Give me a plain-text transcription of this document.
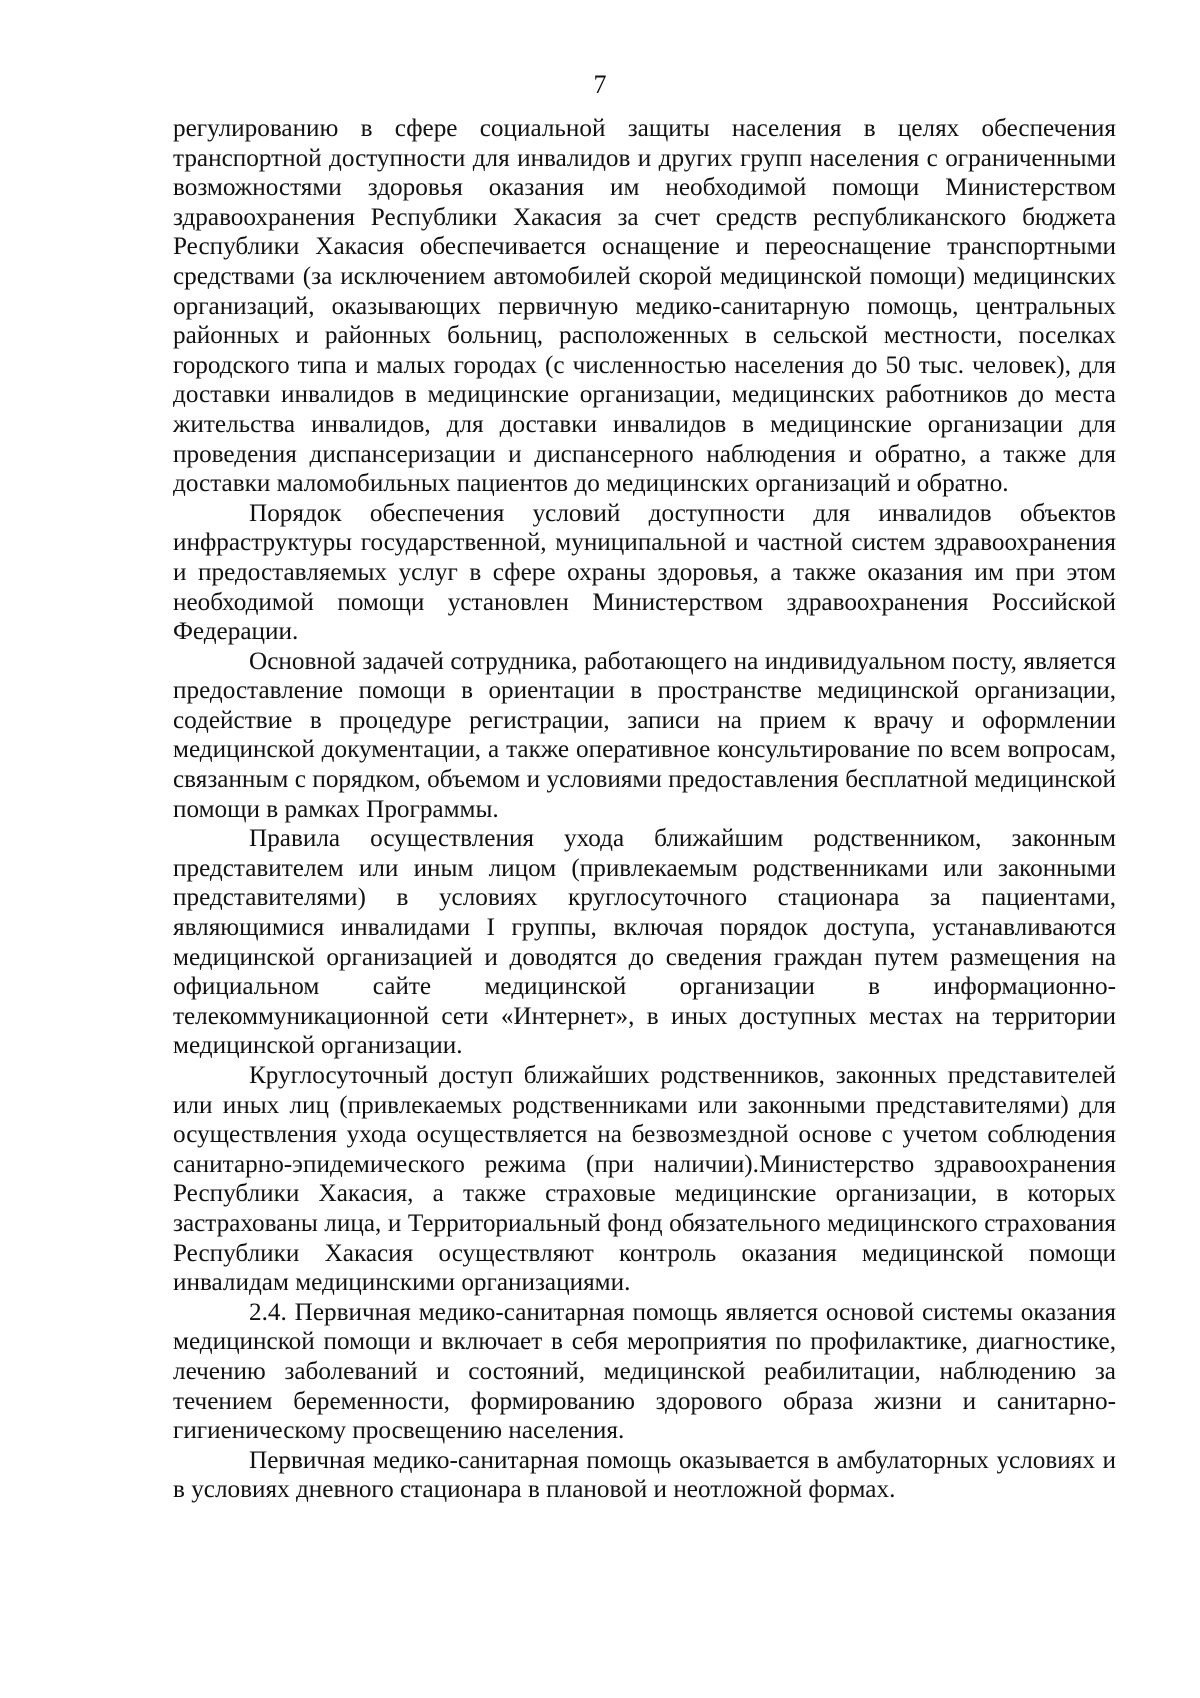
7

регулированию в сфере социальной защиты населения в целях обеспечения транспортной доступности для инвалидов и других групп населения с ограниченными возможностями здоровья оказания им необходимой помощи Министерством здравоохранения Республики Хакасия за счет средств республиканского бюджета Республики Хакасия обеспечивается оснащение и переоснащение транспортными средствами (за исключением автомобилей скорой медицинской помощи) медицинских организаций, оказывающих первичную медико-санитарную помощь, центральных районных и районных больниц, расположенных в сельской местности, поселках городского типа и малых городах (с численностью населения до 50 тыс. человек), для доставки инвалидов в медицинские организации, медицинских работников до места жительства инвалидов, для доставки инвалидов в медицинские организации для проведения диспансеризации и диспансерного наблюдения и обратно, а также для доставки маломобильных пациентов до медицинских организаций и обратно.

Порядок обеспечения условий доступности для инвалидов объектов инфраструктуры государственной, муниципальной и частной систем здравоохранения и предоставляемых услуг в сфере охраны здоровья, а также оказания им при этом необходимой помощи установлен Министерством здравоохранения Российской Федерации.

Основной задачей сотрудника, работающего на индивидуальном посту, является предоставление помощи в ориентации в пространстве медицинской организации, содействие в процедуре регистрации, записи на прием к врачу и оформлении медицинской документации, а также оперативное консультирование по всем вопросам, связанным с порядком, объемом и условиями предоставления бесплатной медицинской помощи в рамках Программы.

Правила осуществления ухода ближайшим родственником, законным представителем или иным лицом (привлекаемым родственниками или законными представителями) в условиях круглосуточного стационара за пациентами, являющимися инвалидами I группы, включая порядок доступа, устанавливаются медицинской организацией и доводятся до сведения граждан путем размещения на официальном сайте медицинской организации в информационно-телекоммуникационной сети «Интернет», в иных доступных местах на территории медицинской организации.

Круглосуточный доступ ближайших родственников, законных представителей или иных лиц (привлекаемых родственниками или законными представителями) для осуществления ухода осуществляется на безвозмездной основе с учетом соблюдения санитарно-эпидемического режима (при наличии).Министерство здравоохранения Республики Хакасия, а также страховые медицинские организации, в которых застрахованы лица, и Территориальный фонд обязательного медицинского страхования Республики Хакасия осуществляют контроль оказания медицинской помощи инвалидам медицинскими организациями.

2.4. Первичная медико-санитарная помощь является основой системы оказания медицинской помощи и включает в себя мероприятия по профилактике, диагностике, лечению заболеваний и состояний, медицинской реабилитации, наблюдению за течением беременности, формированию здорового образа жизни и санитарно-гигиеническому просвещению населения.

Первичная медико-санитарная помощь оказывается в амбулаторных условиях и в условиях дневного стационара в плановой и неотложной формах.
